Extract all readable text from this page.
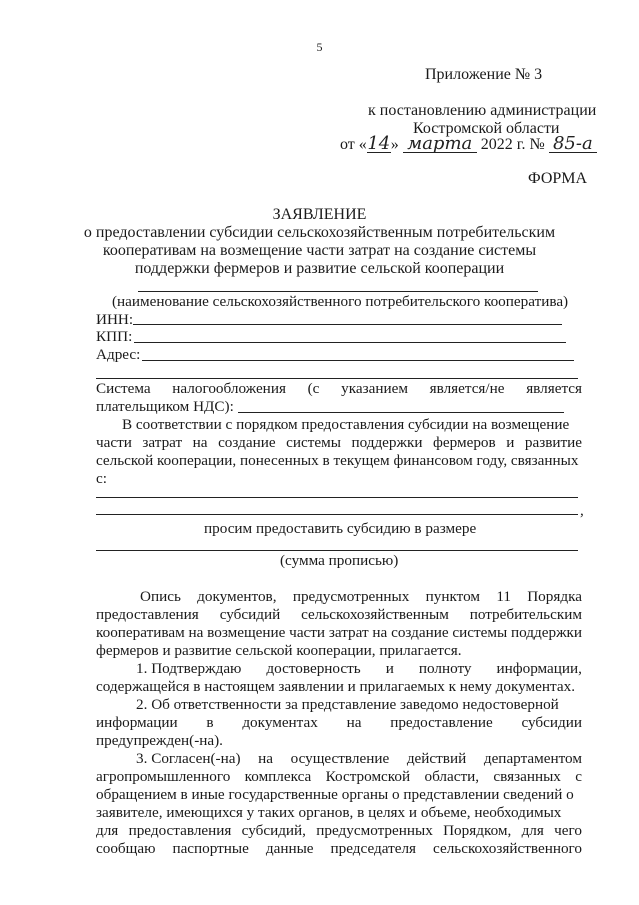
5
Приложение № 3
к постановлению администрации
Костромской области
от «14» марта 2022 г. № 85-а
ФОРМА
ЗАЯВЛЕНИЕ
о предоставлении субсидии сельскохозяйственным потребительским
кооперативам на возмещение части затрат на создание системы
поддержки фермеров и развитие сельской кооперации
(наименование сельскохозяйственного потребительского кооператива)
ИНН:
КПП:
Адрес:
Система налогообложения (с указанием является/не является
плательщиком НДС):
В соответствии с порядком предоставления субсидии на возмещение
части затрат на создание системы поддержки фермеров и развитие
сельской кооперации, понесенных в текущем финансовом году, связанных
с:
,
просим предоставить субсидию в размере
(сумма прописью)
Опись документов, предусмотренных пунктом 11 Порядка
предоставления субсидий сельскохозяйственным потребительским
кооперативам на возмещение части затрат на создание системы поддержки
фермеров и развитие сельской кооперации, прилагается.
1. Подтверждаю достоверность и полноту информации,
содержащейся в настоящем заявлении и прилагаемых к нему документах.
2. Об ответственности за представление заведомо недостоверной
информации в документах на предоставление субсидии
предупрежден(-на).
3. Согласен(-на) на осуществление действий департаментом
агропромышленного комплекса Костромской области, связанных с
обращением в иные государственные органы о представлении сведений о
заявителе, имеющихся у таких органов, в целях и объеме, необходимых
для предоставления субсидий, предусмотренных Порядком, для чего
сообщаю паспортные данные председателя сельскохозяйственного
